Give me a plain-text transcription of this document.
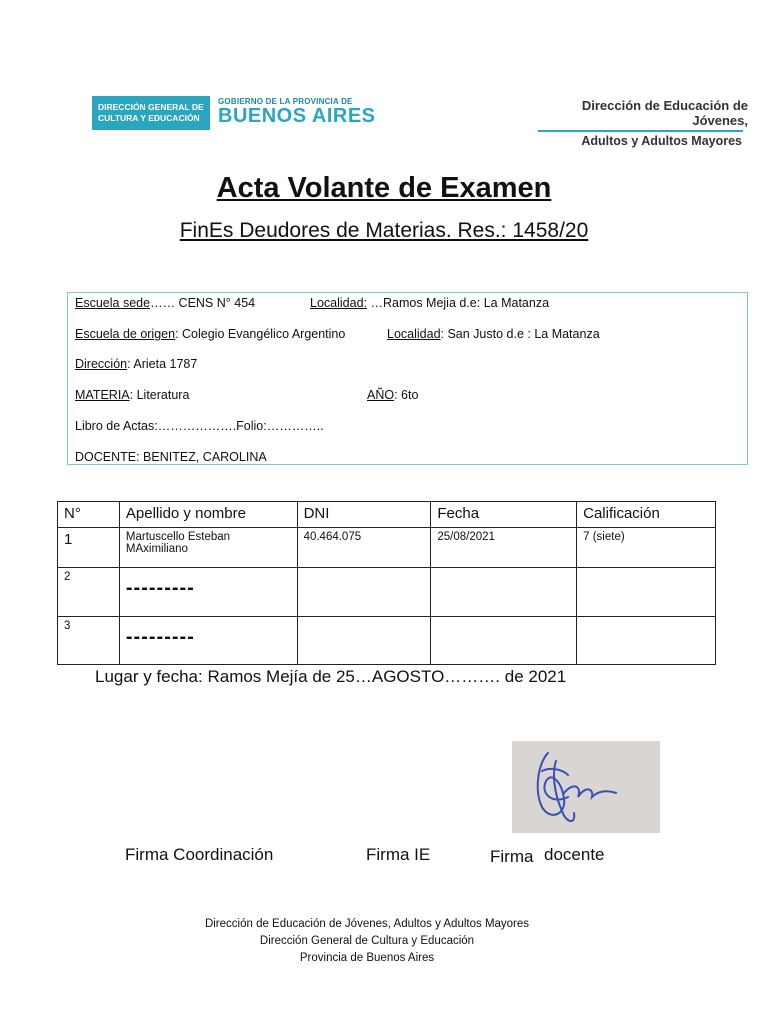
DIRECCIÓN GENERAL DE
CULTURA Y EDUCACIÓN
GOBIERNO DE LA PROVINCIA DE
BUENOS AIRES	Dirección de Educación de Jóvenes,
Adultos y Adultos Mayores
Acta Volante de Examen
FinEs Deudores de Materias. Res.: 1458/20
Escuela sede…… CENS N° 454	Localidad: …Ramos Mejia d.e: La Matanza
Escuela de origen: Colegio Evangélico Argentino	Localidad: San Justo d.e : La Matanza
Dirección: Arieta 1787
MATERIA: Literatura	AÑO: 6to
Libro de Actas:……………….Folio:…………..
DOCENTE: BENITEZ, CAROLINA
N°	Apellido y nombre	DNI	Fecha	Calificación
1	Martuscello Esteban MAximiliano	40.464.075	25/08/2021	7 (siete)
2	---------			

3	---------			

Lugar y fecha: Ramos Mejía de 25…AGOSTO………. de 2021
Firma Coordinación	Firma IE	Firma docente
Dirección de Educación de Jóvenes, Adultos y Adultos Mayores
Dirección General de Cultura y Educación
Provincia de Buenos Aires
